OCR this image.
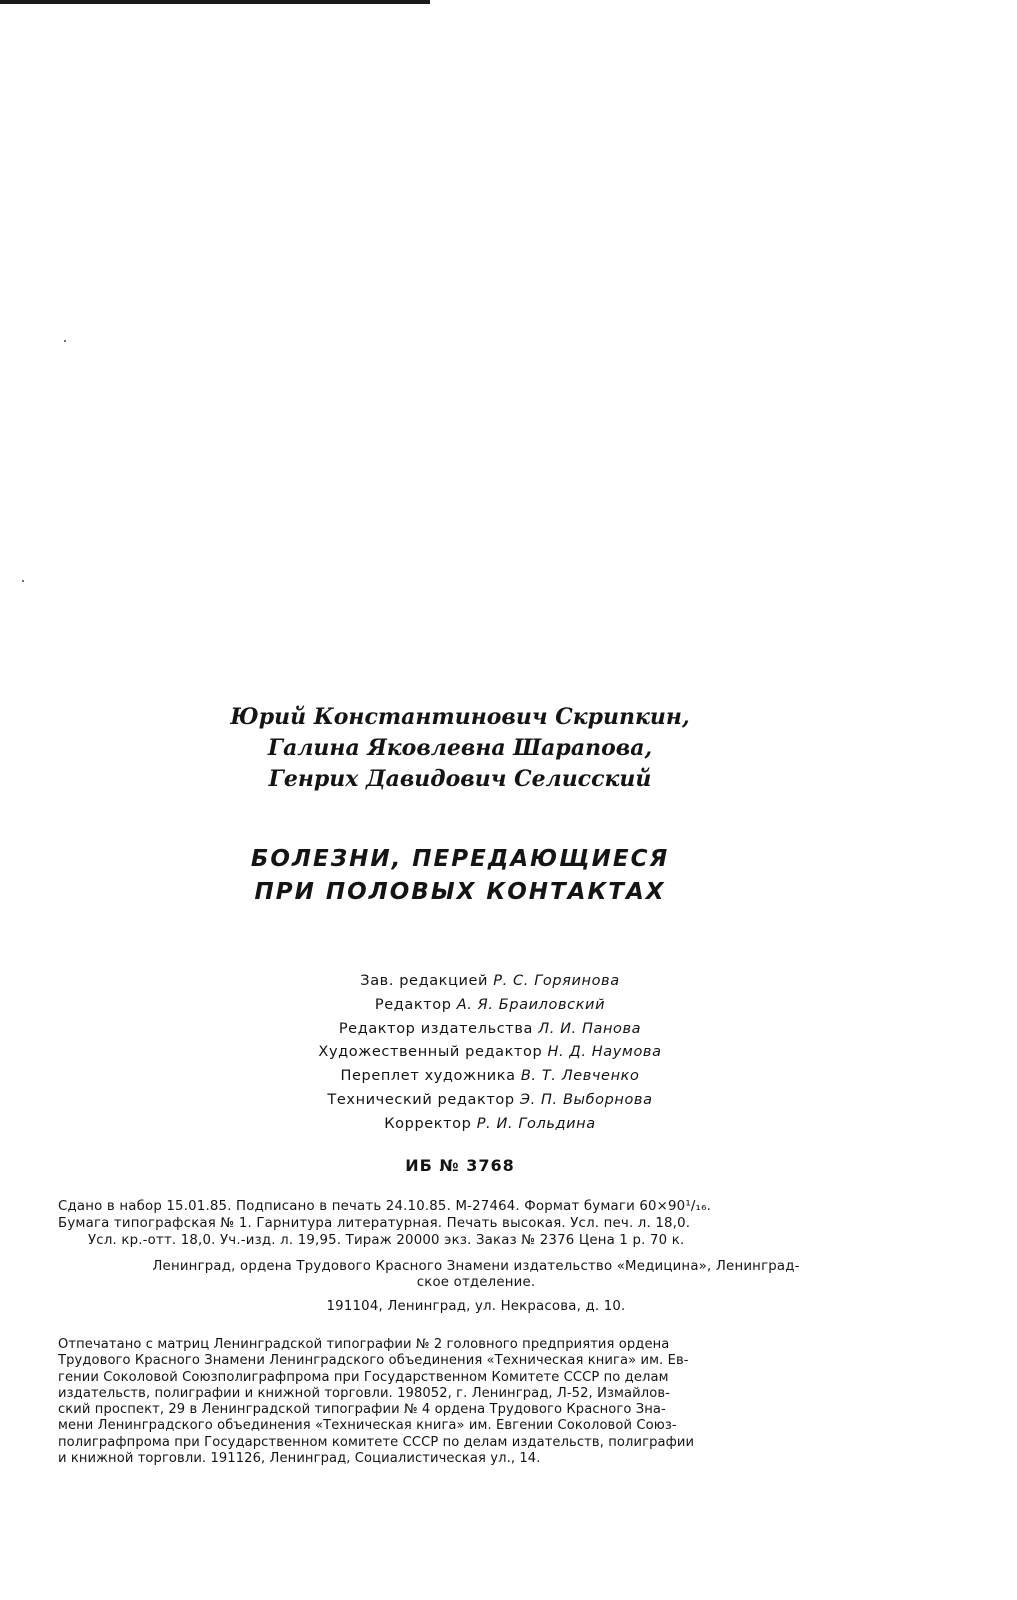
Юрий Константинович Скрипкин,
Галина Яковлевна Шарапова,
Генрих Давидович Селисский
БОЛЕЗНИ, ПЕРЕДАЮЩИЕСЯ
ПРИ ПОЛОВЫХ КОНТАКТАХ
Зав. редакцией Р. С. Горяинова
Редактор А. Я. Браиловский
Редактор издательства Л. И. Панова
Художественный редактор Н. Д. Наумова
Переплет художника В. Т. Левченко
Технический редактор Э. П. Выборнова
Корректор Р. И. Гольдина
ИБ № 3768
Сдано в набор 15.01.85. Подписано в печать 24.10.85. М-27464. Формат бумаги 60×90¹/₁₆.
Бумага типографская № 1. Гарнитура литературная. Печать высокая. Усл. печ. л. 18,0.
Усл. кр.-отт. 18,0. Уч.-изд. л. 19,95. Тираж 20000 экз. Заказ № 2376 Цена 1 р. 70 к.
Ленинград, ордена Трудового Красного Знамени издательство «Медицина», Ленинград-
ское отделение.
191104, Ленинград, ул. Некрасова, д. 10.
Отпечатано с матриц Ленинградской типографии № 2 головного предприятия ордена
Трудового Красного Знамени Ленинградского объединения «Техническая книга» им. Ев-
гении Соколовой Союзполиграфпрома при Государственном Комитете СССР по делам
издательств, полиграфии и книжной торговли. 198052, г. Ленинград, Л-52, Измайлов-
ский проспект, 29 в Ленинградской типографии № 4 ордена Трудового Красного Зна-
мени Ленинградского объединения «Техническая книга» им. Евгении Соколовой Союз-
полиграфпрома при Государственном комитете СССР по делам издательств, полиграфии
и книжной торговли. 191126, Ленинград, Социалистическая ул., 14.
